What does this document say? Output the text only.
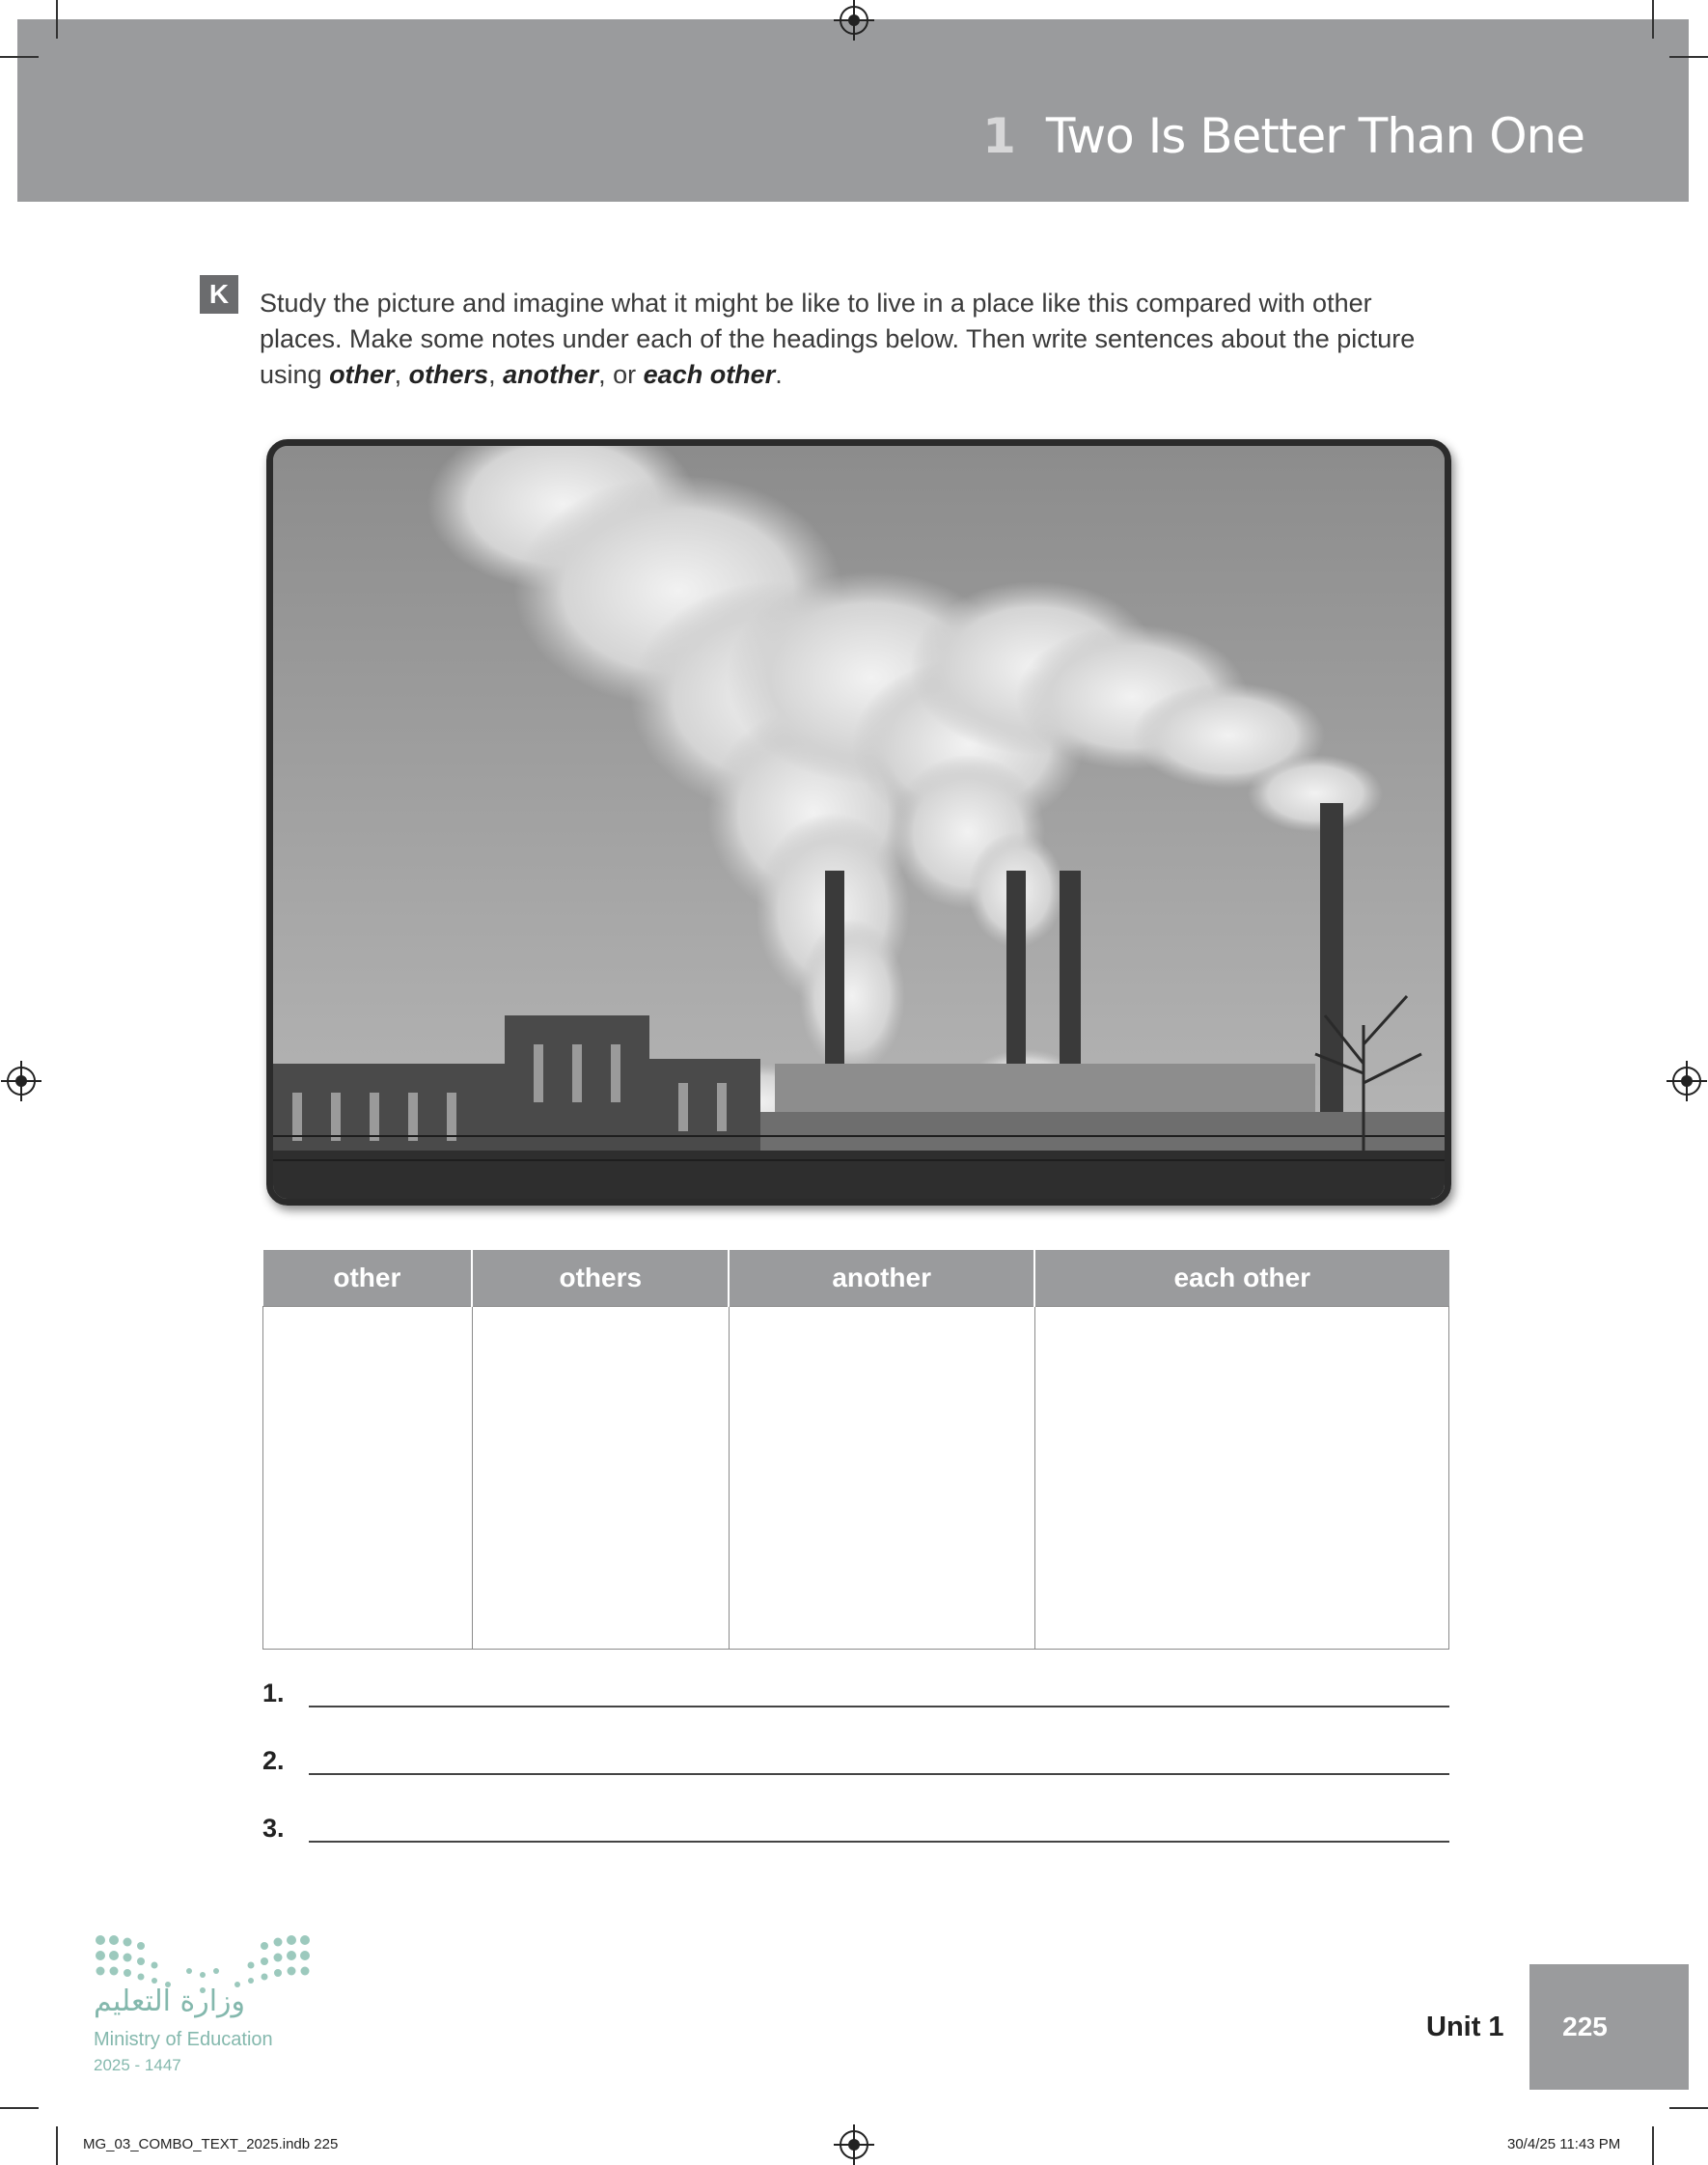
1 Two Is Better Than One
K	Study the picture and imagine what it might be like to live in a place like this compared with other places. Make some notes under each of the headings below. Then write sentences about the picture using other, others, another, or each other.
other	others	another	each other

1.
2.
3.
وزارة التعليم
Ministry of Education
2025 - 1447
Unit 1	225
MG_03_COMBO_TEXT_2025.indb 225	30/4/25 11:43 PM
